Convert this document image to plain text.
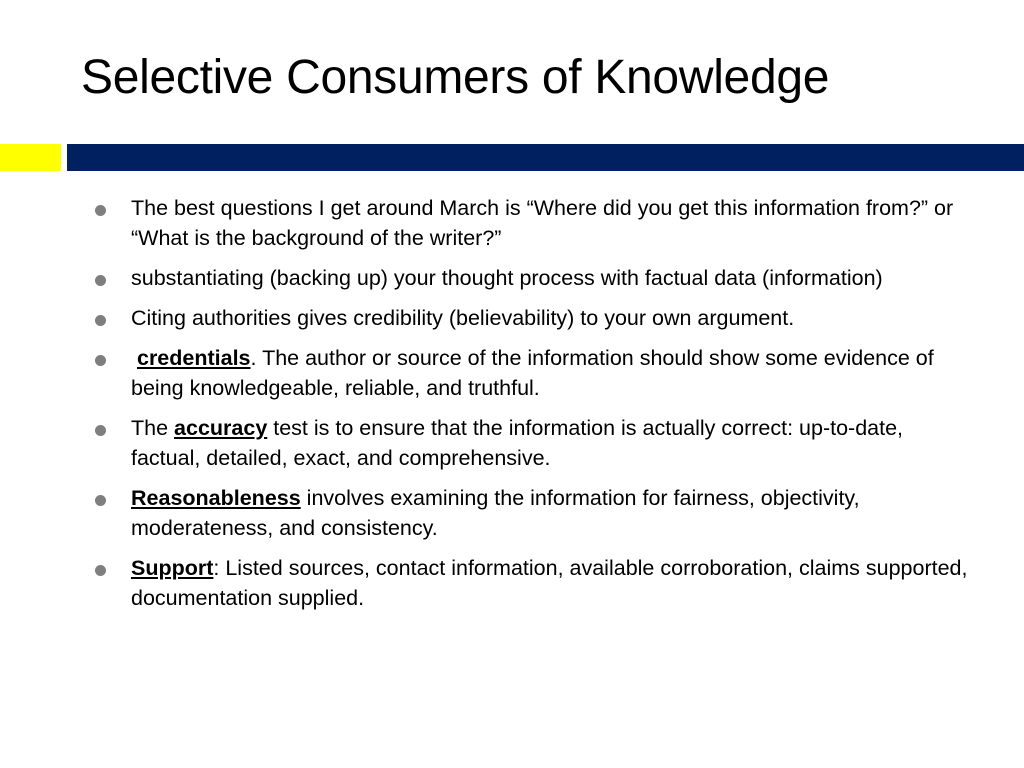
Selective Consumers of Knowledge
The best questions I get around March is “Where did you get this information from?” or “What is the background of the writer?”
substantiating (backing up) your thought process with factual data (information)
Citing authorities gives credibility (believability) to your own argument.
credentials. The author or source of the information should show some evidence of being knowledgeable, reliable, and truthful.
The accuracy test is to ensure that the information is actually correct: up-to-date, factual, detailed, exact, and comprehensive.
Reasonableness involves examining the information for fairness, objectivity, moderateness, and consistency.
Support: Listed sources, contact information, available corroboration, claims supported, documentation supplied.
